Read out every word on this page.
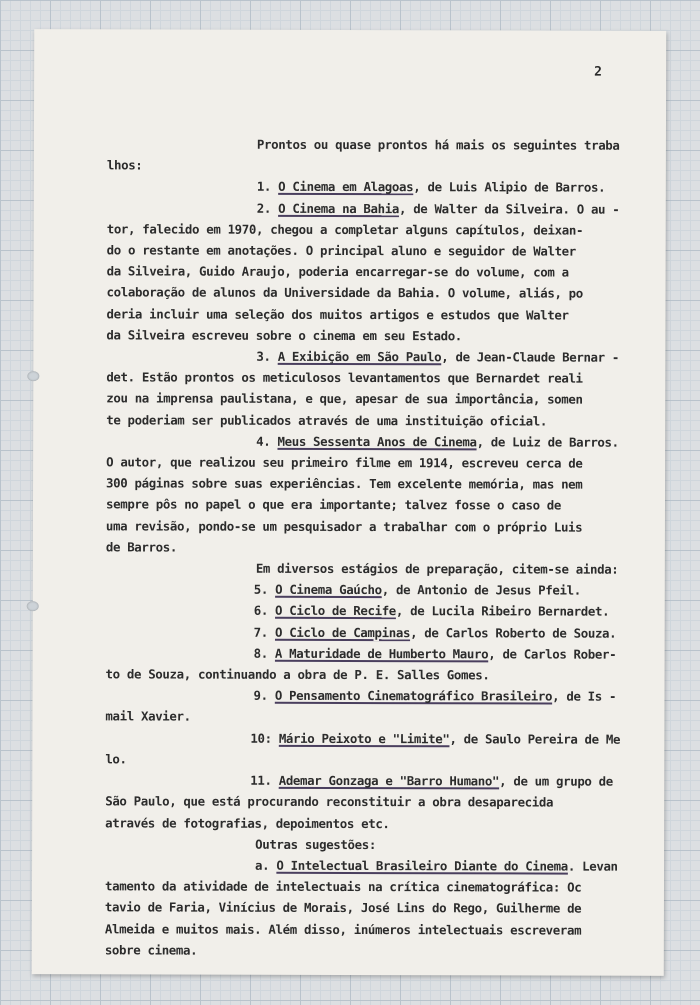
2

Prontos ou quase prontos há mais os seguintes traba

lhos:

1. O Cinema em Alagoas, de Luis Alipio de Barros.

2. O Cinema na Bahia, de Walter da Silveira. O au -

tor, falecido em 1970, chegou a completar alguns capítulos, deixan-

do o restante em anotações. O principal aluno e seguidor de Walter

da Silveira, Guido Araujo, poderia encarregar-se do volume, com a

colaboração de alunos da Universidade da Bahia. O volume, aliás, po

deria incluir uma seleção dos muitos artigos e estudos que Walter

da Silveira escreveu sobre o cinema em seu Estado.

3. A Exibição em São Paulo, de Jean-Claude Bernar -

det. Estão prontos os meticulosos levantamentos que Bernardet reali

zou na imprensa paulistana, e que, apesar de sua importância, somen

te poderiam ser publicados através de uma instituição oficial.

4. Meus Sessenta Anos de Cinema, de Luiz de Barros.

O autor, que realizou seu primeiro filme em 1914, escreveu cerca de

300 páginas sobre suas experiências. Tem excelente memória, mas nem

sempre pôs no papel o que era importante; talvez fosse o caso de

uma revisão, pondo-se um pesquisador a trabalhar com o próprio Luis

de Barros.

Em diversos estágios de preparação, citem-se ainda:

5. O Cinema Gaúcho, de Antonio de Jesus Pfeil.

6. O Ciclo de Recife, de Lucila Ribeiro Bernardet.

7. O Ciclo de Campinas, de Carlos Roberto de Souza.

8. A Maturidade de Humberto Mauro, de Carlos Rober-

to de Souza, continuando a obra de P. E. Salles Gomes.

9. O Pensamento Cinematográfico Brasileiro, de Is -

mail Xavier.

10: Mário Peixoto e "Limite", de Saulo Pereira de Me

lo.

11. Ademar Gonzaga e "Barro Humano", de um grupo de

São Paulo, que está procurando reconstituir a obra desaparecida

através de fotografias, depoimentos etc.

Outras sugestões:

a. O Intelectual Brasileiro Diante do Cinema. Levan

tamento da atividade de intelectuais na crítica cinematográfica: Oc

tavio de Faria, Vinícius de Morais, José Lins do Rego, Guilherme de

Almeida e muitos mais. Além disso, inúmeros intelectuais escreveram

sobre cinema.
